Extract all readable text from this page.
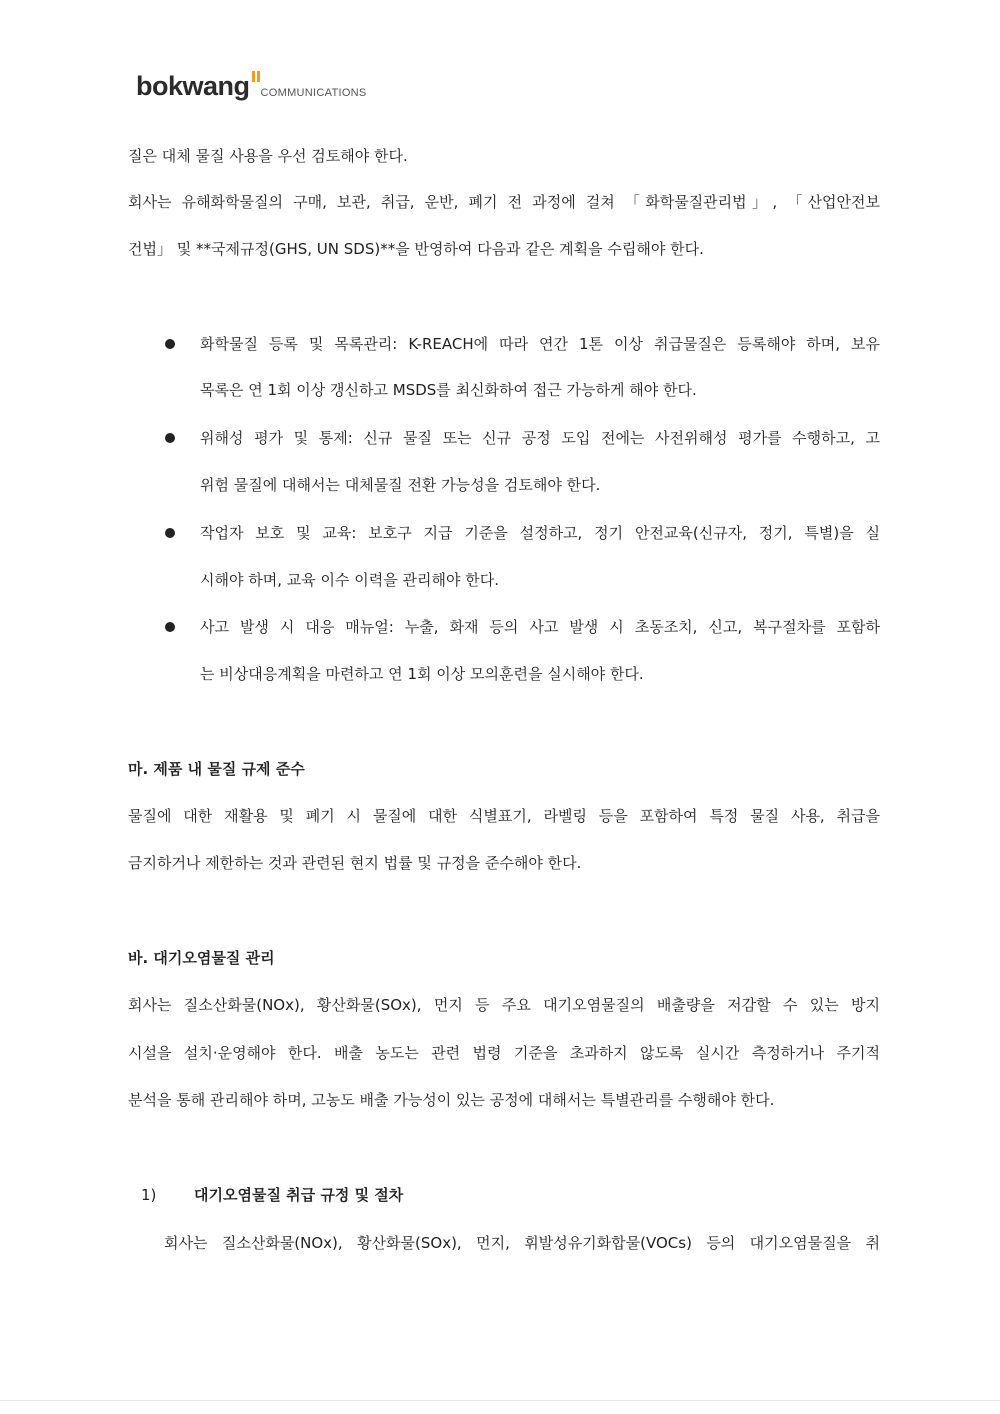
bokwang COMMUNICATIONS
질은 대체 물질 사용을 우선 검토해야 한다.
회사는 유해화학물질의 구매, 보관, 취급, 운반, 폐기 전 과정에 걸쳐 「화학물질관리법」, 「산업안전보
건법」 및 **국제규정(GHS, UN SDS)**을 반영하여 다음과 같은 계획을 수립해야 한다.
화학물질 등록 및 목록관리: K-REACH에 따라 연간 1톤 이상 취급물질은 등록해야 하며, 보유
목록은 연 1회 이상 갱신하고 MSDS를 최신화하여 접근 가능하게 해야 한다.
위해성 평가 및 통제: 신규 물질 또는 신규 공정 도입 전에는 사전위해성 평가를 수행하고, 고
위험 물질에 대해서는 대체물질 전환 가능성을 검토해야 한다.
작업자 보호 및 교육: 보호구 지급 기준을 설정하고, 정기 안전교육(신규자, 정기, 특별)을 실
시해야 하며, 교육 이수 이력을 관리해야 한다.
사고 발생 시 대응 매뉴얼: 누출, 화재 등의 사고 발생 시 초동조치, 신고, 복구절차를 포함하
는 비상대응계획을 마련하고 연 1회 이상 모의훈련을 실시해야 한다.
마. 제품 내 물질 규제 준수
물질에 대한 재활용 및 폐기 시 물질에 대한 식별표기, 라벨링 등을 포함하여 특정 물질 사용, 취급을
금지하거나 제한하는 것과 관련된 현지 법률 및 규정을 준수해야 한다.
바. 대기오염물질 관리
회사는 질소산화물(NOx), 황산화물(SOx), 먼지 등 주요 대기오염물질의 배출량을 저감할 수 있는 방지
시설을 설치·운영해야 한다. 배출 농도는 관련 법령 기준을 초과하지 않도록 실시간 측정하거나 주기적
분석을 통해 관리해야 하며, 고농도 배출 가능성이 있는 공정에 대해서는 특별관리를 수행해야 한다.
1)	대기오염물질 취급 규정 및 절차
회사는 질소산화물(NOx), 황산화물(SOx), 먼지, 휘발성유기화합물(VOCs) 등의 대기오염물질을 취
